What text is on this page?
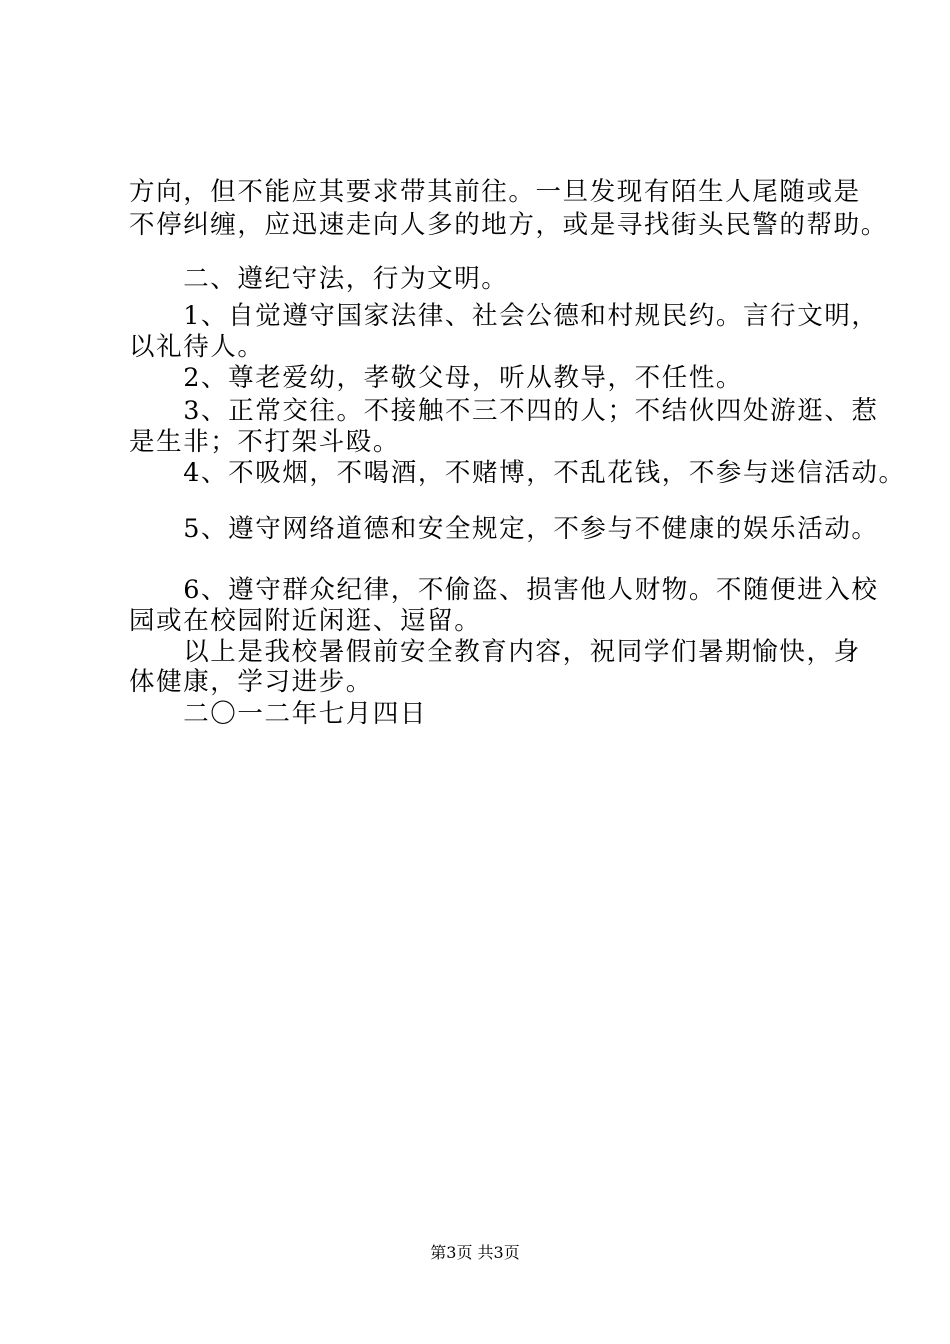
方向，但不能应其要求带其前往。一旦发现有陌生人尾随或是
不停纠缠，应迅速走向人多的地方，或是寻找街头民警的帮助。
　　二、遵纪守法，行为文明。
　　1、自觉遵守国家法律、社会公德和村规民约。言行文明，
以礼待人。
　　2、尊老爱幼，孝敬父母，听从教导，不任性。
　　3、正常交往。不接触不三不四的人；不结伙四处游逛、惹
是生非；不打架斗殴。
　　4、不吸烟，不喝酒，不赌博，不乱花钱，不参与迷信活动。
　　5、遵守网络道德和安全规定，不参与不健康的娱乐活动。
　　6、遵守群众纪律，不偷盗、损害他人财物。不随便进入校
园或在校园附近闲逛、逗留。
　　以上是我校暑假前安全教育内容，祝同学们暑期愉快，身
体健康，学习进步。
　　二〇一二年七月四日
第3页 共3页
